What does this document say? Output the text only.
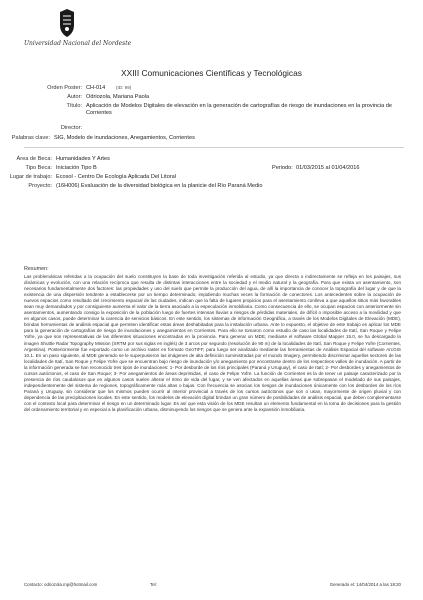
Universidad Nacional del Nordeste
XXIII Comunicaciones Científicas y Tecnológicas
Orden Poster: CH-014 (ID: 99)
Autor: Odriozola, Mariana Paola
Título: Aplicación de Modelos Digitales de elevación en la generación de cartografías de riesgo de inundaciones en la provincia de Corrientes
Director:
Palabras clave: SIG, Modelo de inundaciones, Anegamientos, Corrientes
Área de Beca: Humanidades Y Artes
Tipo Beca: Iniciación Tipo B	Periodo: 01/03/2015 al 01/04/2016
Lugar de trabajo: Ecosol - Centro De Ecología Aplicada Del Litoral
Proyecto: (16H006) Evaluación de la diversidad biológica en la planicie del Río Paraná Medio
Resumen:
Las problemáticas referidas a la ocupación del suelo constituyen la base de toda investigación referida al estudio, ya que directa o indirectamente se refleja en los paisajes, sus dinámicas y evolución, con una relación recíproca que resulta de distintas interacciones entre la sociedad y el medio natural y la geografía. Para que exista un asentamiento, son necesarios fundamentalmente dos factores: las propiedades y uso del suelo que permite la producción del agua, de allí la importancia de conocer la topografía del lugar y de que la existencia de una dispersión tendente a establecerse por un tiempo determinado, impidiendo muchas veces la formación de conectores. Los antecedentes sobre la ocupación de nuevos espacios como resultado del crecimiento espacial de las ciudades, indican que la falta de lugares propicios para el asentamiento conlleva a que aquellos sitios más favorables sean muy demandados y por consiguiente aumenta el valor de la tierra asociado a la especulación inmobiliaria. Como consecuencia de ello, se ocupan espacios con anteriormente sin asentamientos, aumentando consigo la exposición de la población luego de fuertes intensas lluvias a riesgos de pérdidas materiales, de difícil o imposible acceso a la movilidad y que en algunos casos, puede determinar la carencia de servicios básicos. En este sentido, los sistemas de información Geográfica, a través de los Modelos Digitales de Elevación (MDE), brindan herramientas de análisis espacial que permiten identificar estas áreas deshabitadas para la instalación urbana. Ante lo expuesto, el objetivo de este trabajo es aplicar los MDE para la generación de cartografías de riesgo de inundaciones y anegamientos en Corrientes. Para ello se tomaron como estudio de caso las localidades de Itatí, San Roque y Felipe Yofre, ya que son representativas de las diferentes situaciones encontradas en la provincia. Para generar un MDE, mediante el software Global Mapper 15.0, se ha descargado la imagen Shuttle Radar Topography Mission (SRTM por sus siglas en inglés) de 3 arcos por segundo (resolución de 90 m) de la localidades de Itatí, San Roque y Felipe Yofre (Corrientes, Argentina). Posteriormente fue exportado como un archivo raster en formato GeoTIFF, para luego ser analizado mediante las herramientas de Análisis Espacial del software ArcGIS 10.1. En un paso siguiente, al MDE generado se le superpusieron las imágenes de alta definición suministradas por el mundo Imagery, permitiendo discriminar aquellos sectores de las localidades de Itatí, San Roque y Felipe Yofre que se encuentran bajo riesgo de inundación y/o anegamiento por encontrarse dentro de los respectivos valles de inundación. A partir de la información generada se han reconocido tres tipos de inundaciones: 1- Por desborde de los ríos principales (Paraná y Uruguay), el caso de Itatí; 2- Por desbordes y anegamientos de cursos autóctonos, el caso de San Roque; 3- Por anegamientos de áreas deprimidas, el caso de Felipe Yofre. La función de Corrientes es la de tener un paisaje caracterizado por la presencia de ríos caudalosos que en algunos casos suelen alterar el ritmo de vida del lugar, y se ven afectados en aquellas áreas que sobrepasan el modelado de sus paisajes, independientemente del sistema de regiones, topográficamente más altas o bajas. Con frecuencia se asocian los riesgos de inundaciones únicamente con los desbordes de los ríos Paraná y Uruguay, sin considerar que los mismos pueden ocurrir al interior provincial a través de los cursos autóctonos que son o usan, mayormente de origen pluvial y con dependencia de las precipitaciones locales. En este sentido, los modelos de elevación digital brindan un gran número de posibilidades de análisis espacial, que deben complementarse con el contexto local para determinar el riesgo en un determinado lugar. Es así que esta visión de los MDE resultan un elemento fundamental en la toma de decisiones para la gestión del ordenamiento territorial y en especial a la planificación urbana, disminuyendo los riesgos que se genera ante la expansión inmobiliaria.
Contacto: odriozola.mp@hotmail.com	Tel:	Generado el: 14/04/2014 a las 18:20
